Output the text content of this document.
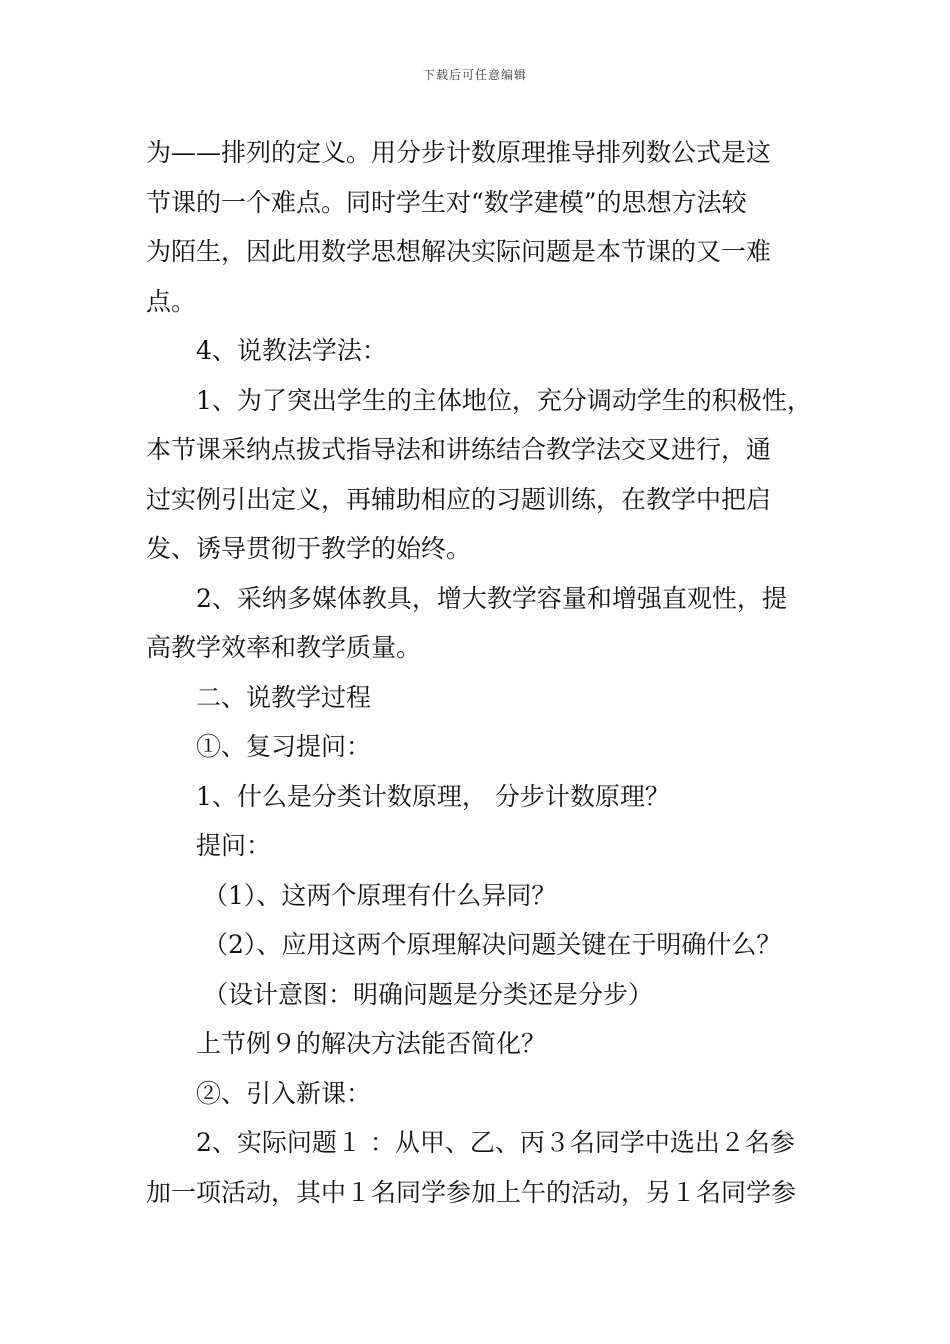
下载后可任意编辑

为——排列的定义。用分步计数原理推导排列数公式是这

节课的一个难点。同时学生对“数学建模”的思想方法较

为陌生，因此用数学思想解决实际问题是本节课的又一难

点。

4、说教法学法：

1、为了突出学生的主体地位，充分调动学生的积极性，

本节课采纳点拔式指导法和讲练结合教学法交叉进行，通

过实例引出定义，再辅助相应的习题训练，在教学中把启

发、诱导贯彻于教学的始终。

2、采纳多媒体教具，增大教学容量和增强直观性，提

高教学效率和教学质量。

二、说教学过程

①、复习提问：

1、什么是分类计数原理， 分步计数原理？

提问：

（1）、这两个原理有什么异同？

（2）、应用这两个原理解决问题关键在于明确什么？

（设计意图：明确问题是分类还是分步）

上节例９的解决方法能否简化？

②、引入新课：

2、实际问题１ ：从甲、乙、丙３名同学中选出２名参

加一项活动，其中１名同学参加上午的活动，另１名同学参
